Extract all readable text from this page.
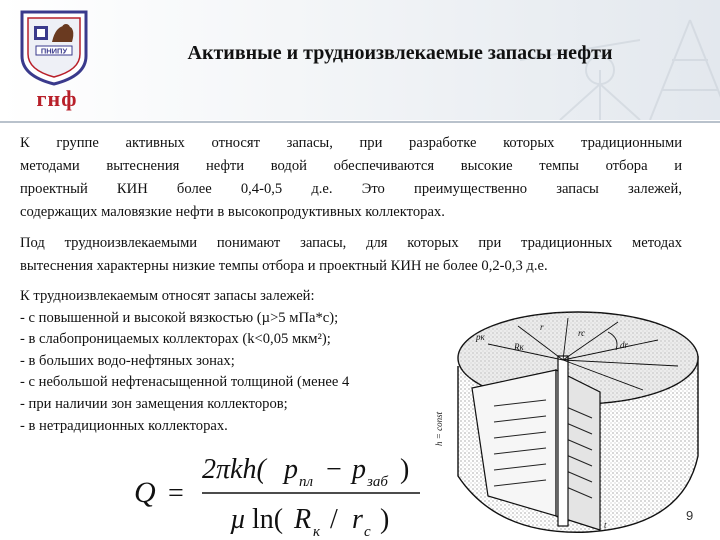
ПНИПУ
гнф
Активные и трудноизвлекаемые запасы нефти
К группе активных относят запасы, при разработке которых традиционными
методами вытеснения нефти водой обеспечиваются высокие темпы отбора и
проектный КИН более 0,4-0,5 д.е. Это преимущественно запасы залежей,
содержащих маловязкие нефти в высокопродуктивных коллекторах.
Под трудноизвлекаемыми понимают запасы, для которых при традиционных методах
вытеснения характерны низкие темпы отбора и проектный КИН не более 0,2-0,3 д.е.
К трудноизвлекаемым относят запасы залежей:
- с повышенной и высокой вязкостью (µ>5 мПа*с);
- в слабопроницаемых коллекторах (k<0,05 мкм²);
- в больших водо-нефтяных зонах;
- с небольшой нефтенасыщенной толщиной (менее 4
- при наличии зон замещения коллекторов;
- в нетрадиционных коллекторах.
Q =
2πkh( p пл − p заб )
µ ln( R к / r с )
pк
Rк
r
rc
dr
h = const
t
9
